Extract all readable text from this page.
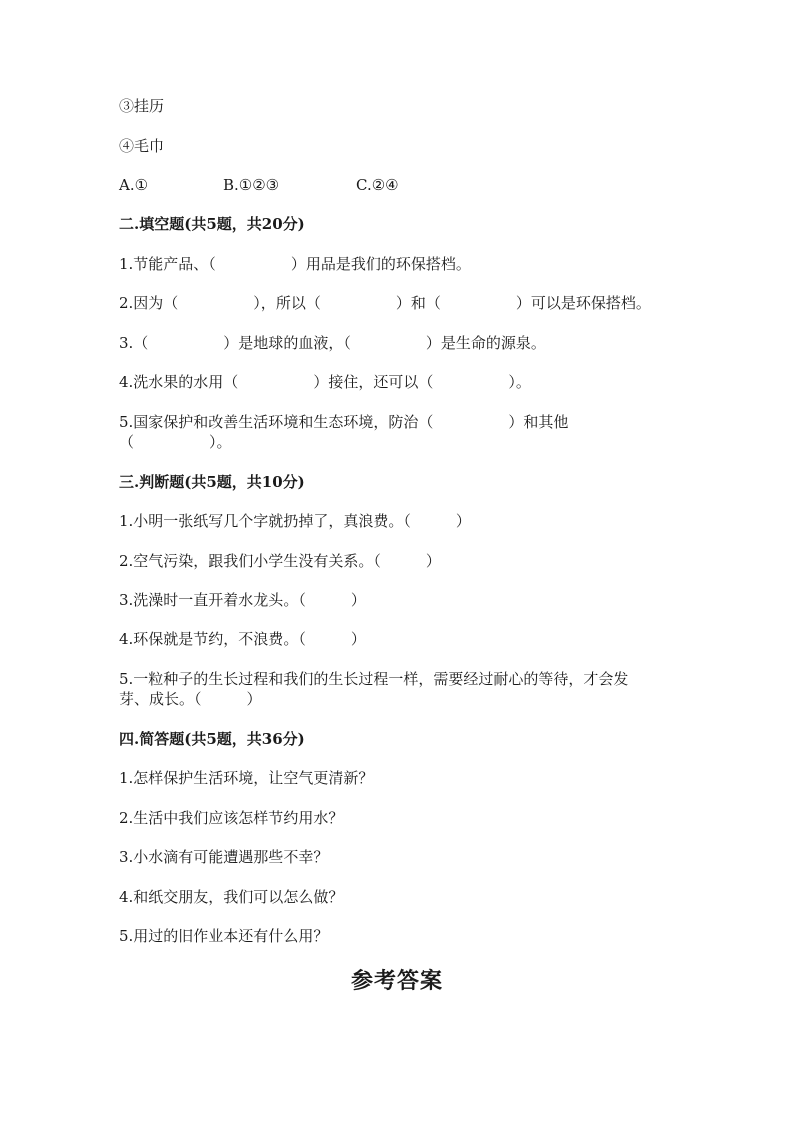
③挂历
④毛巾
A.①	B.①②③	C.②④
二.填空题(共5题，共20分)
1.节能产品、（　　　　　）用品是我们的环保搭档。
2.因为（　　　　　），所以（　　　　　）和（　　　　　）可以是环保搭档。
3.（　　　　　）是地球的血液，（　　　　　）是生命的源泉。
4.洗水果的水用（　　　　　）接住，还可以（　　　　　）。
5.国家保护和改善生活环境和生态环境，防治（　　　　　）和其他
（　　　　　）。
三.判断题(共5题，共10分)
1.小明一张纸写几个字就扔掉了，真浪费。（　　　）
2.空气污染，跟我们小学生没有关系。（　　　）
3.洗澡时一直开着水龙头。（　　　）
4.环保就是节约，不浪费。（　　　）
5.一粒种子的生长过程和我们的生长过程一样，需要经过耐心的等待，才会发
芽、成长。（　　　）
四.简答题(共5题，共36分)
1.怎样保护生活环境，让空气更清新？
2.生活中我们应该怎样节约用水？
3.小水滴有可能遭遇那些不幸？
4.和纸交朋友，我们可以怎么做？
5.用过的旧作业本还有什么用？
参考答案
